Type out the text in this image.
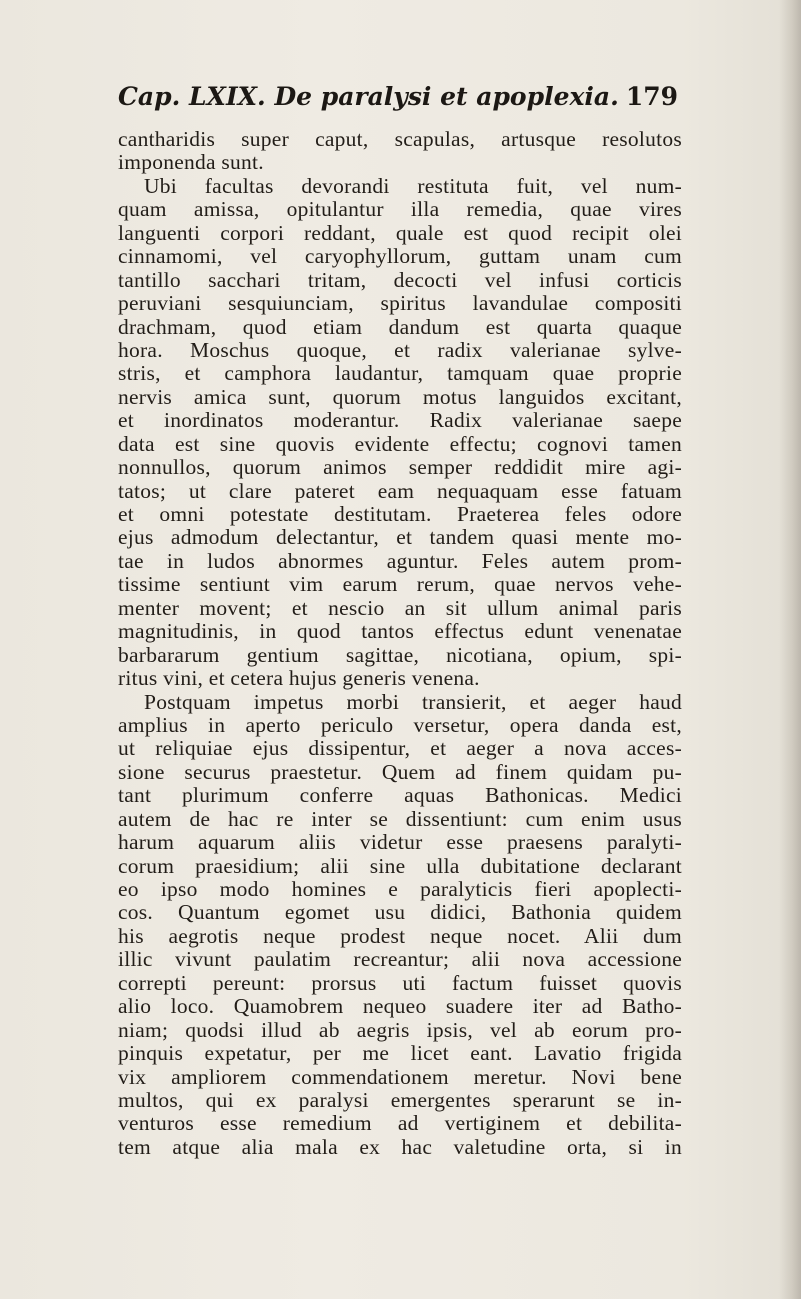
Cap. LXIX. De paralysi et apoplexia. 179
cantharidis super caput, scapulas, artusque resolutos
imponenda sunt.
Ubi facultas devorandi restituta fuit, vel num-
quam amissa, opitulantur illa remedia, quae vires
languenti corpori reddant, quale est quod recipit olei
cinnamomi, vel caryophyllorum, guttam unam cum
tantillo sacchari tritam, decocti vel infusi corticis
peruviani sesquiunciam, spiritus lavandulae compositi
drachmam, quod etiam dandum est quarta quaque
hora. Moschus quoque, et radix valerianae sylve-
stris, et camphora laudantur, tamquam quae proprie
nervis amica sunt, quorum motus languidos excitant,
et inordinatos moderantur. Radix valerianae saepe
data est sine quovis evidente effectu; cognovi tamen
nonnullos, quorum animos semper reddidit mire agi-
tatos; ut clare pateret eam nequaquam esse fatuam
et omni potestate destitutam. Praeterea feles odore
ejus admodum delectantur, et tandem quasi mente mo-
tae in ludos abnormes aguntur. Feles autem prom-
tissime sentiunt vim earum rerum, quae nervos vehe-
menter movent; et nescio an sit ullum animal paris
magnitudinis, in quod tantos effectus edunt venenatae
barbararum gentium sagittae, nicotiana, opium, spi-
ritus vini, et cetera hujus generis venena.
Postquam impetus morbi transierit, et aeger haud
amplius in aperto periculo versetur, opera danda est,
ut reliquiae ejus dissipentur, et aeger a nova acces-
sione securus praestetur. Quem ad finem quidam pu-
tant plurimum conferre aquas Bathonicas. Medici
autem de hac re inter se dissentiunt: cum enim usus
harum aquarum aliis videtur esse praesens paralyti-
corum praesidium; alii sine ulla dubitatione declarant
eo ipso modo homines e paralyticis fieri apoplecti-
cos. Quantum egomet usu didici, Bathonia quidem
his aegrotis neque prodest neque nocet. Alii dum
illic vivunt paulatim recreantur; alii nova accessione
correpti pereunt: prorsus uti factum fuisset quovis
alio loco. Quamobrem nequeo suadere iter ad Batho-
niam; quodsi illud ab aegris ipsis, vel ab eorum pro-
pinquis expetatur, per me licet eant. Lavatio frigida
vix ampliorem commendationem meretur. Novi bene
multos, qui ex paralysi emergentes sperarunt se in-
venturos esse remedium ad vertiginem et debilita-
tem atque alia mala ex hac valetudine orta, si in
